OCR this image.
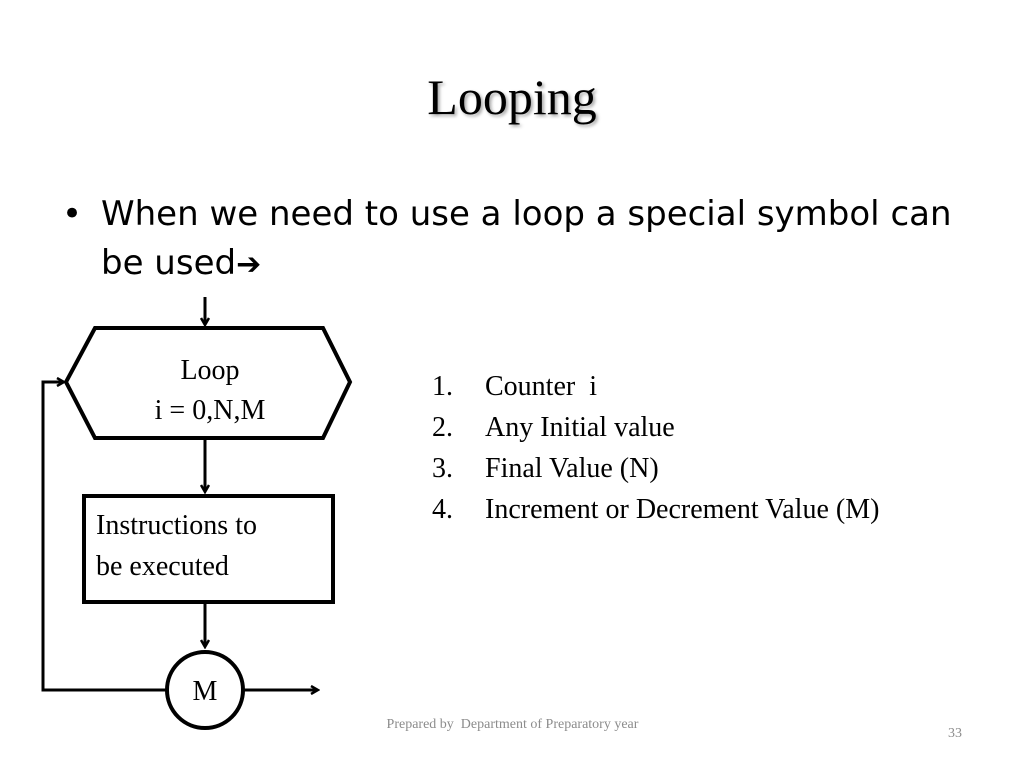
Looping
• When we need to use a loop a special symbol can be used➔
Loop
i = 0,N,M
Instructions to
be executed
M
1. Counter  i
2. Any Initial value
3. Final Value (N)
4. Increment or Decrement Value (M)
Prepared by  Department of Preparatory year
33
